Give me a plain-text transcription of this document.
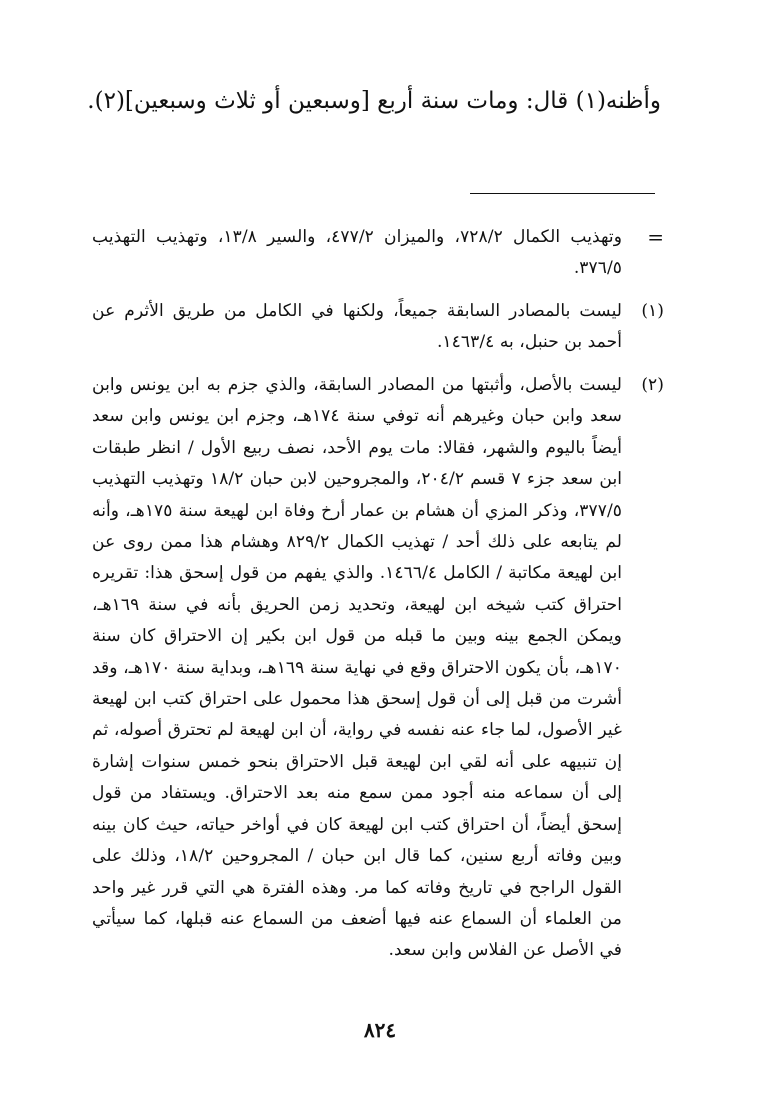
وأظنه(١) قال: ومات سنة أربع [وسبعين أو ثلاث وسبعين](٢).
=
وتهذيب الكمال ٧٢٨/٢، والميزان ٤٧٧/٢، والسير ١٣/٨، وتهذيب التهذيب ٣٧٦/٥.
(١)
ليست بالمصادر السابقة جميعاً، ولكنها في الكامل من طريق الأثرم عن أحمد بن حنبل، به ١٤٦٣/٤.
(٢)
ليست بالأصل، وأثبتها من المصادر السابقة، والذي جزم به ابن يونس وابن سعد وابن حبان وغيرهم أنه توفي سنة ١٧٤هـ، وجزم ابن يونس وابن سعد أيضاً باليوم والشهر، فقالا: مات يوم الأحد، نصف ربيع الأول / انظر طبقات ابن سعد جزء ٧ قسم ٢٠٤/٢، والمجروحين لابن حبان ١٨/٢ وتهذيب التهذيب ٣٧٧/٥، وذكر المزي أن هشام بن عمار أرخ وفاة ابن لهيعة سنة ١٧٥هـ، وأنه لم يتابعه على ذلك أحد / تهذيب الكمال ٨٢٩/٢ وهشام هذا ممن روى عن ابن لهيعة مكاتبة / الكامل ١٤٦٦/٤. والذي يفهم من قول إسحق هذا: تقريره احتراق كتب شيخه ابن لهيعة، وتحديد زمن الحريق بأنه في سنة ١٦٩هـ، ويمكن الجمع بينه وبين ما قبله من قول ابن بكير إن الاحتراق كان سنة ١٧٠هـ، بأن يكون الاحتراق وقع في نهاية سنة ١٦٩هـ، وبداية سنة ١٧٠هـ، وقد أشرت من قبل إلى أن قول إسحق هذا محمول على احتراق كتب ابن لهيعة غير الأصول، لما جاء عنه نفسه في رواية، أن ابن لهيعة لم تحترق أصوله، ثم إن تنبيهه على أنه لقي ابن لهيعة قبل الاحتراق بنحو خمس سنوات إشارة إلى أن سماعه منه أجود ممن سمع منه بعد الاحتراق. ويستفاد من قول إسحق أيضاً، أن احتراق كتب ابن لهيعة كان في أواخر حياته، حيث كان بينه وبين وفاته أربع سنين، كما قال ابن حبان / المجروحين ١٨/٢، وذلك على القول الراجح في تاريخ وفاته كما مر. وهذه الفترة هي التي قرر غير واحد من العلماء أن السماع عنه فيها أضعف من السماع عنه قبلها، كما سيأتي في الأصل عن الفلاس وابن سعد.
٨٢٤
